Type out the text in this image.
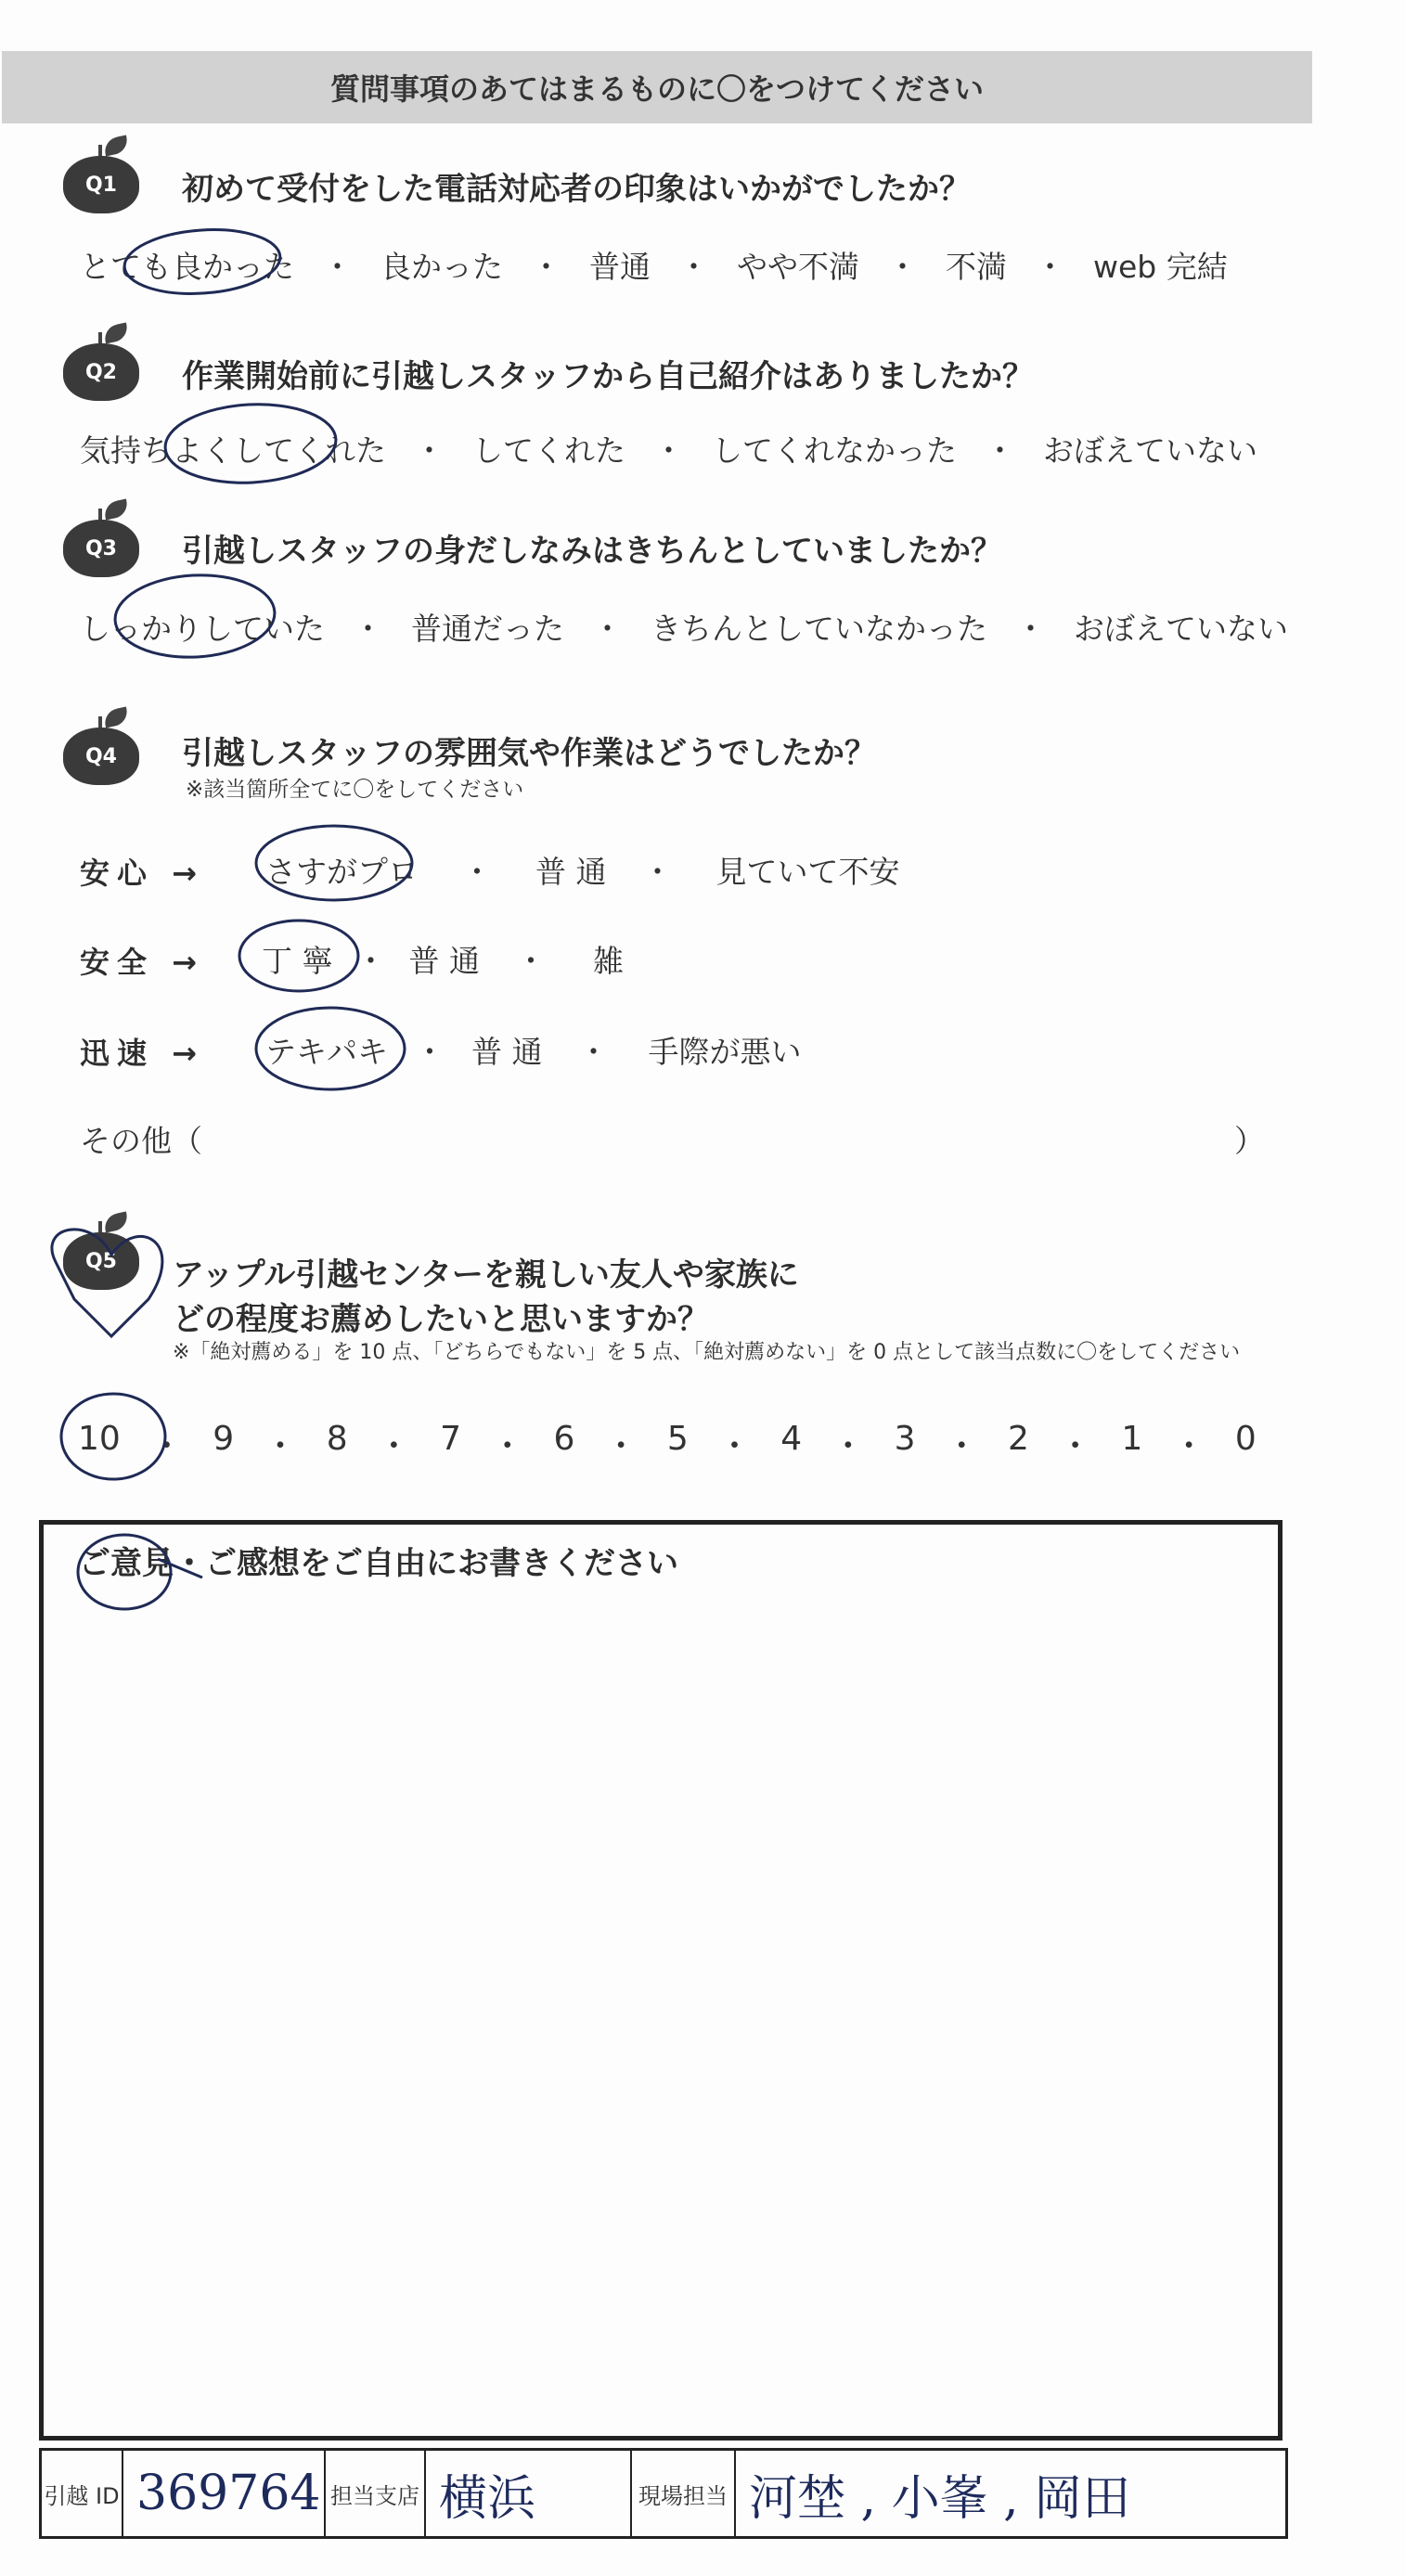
質問事項のあてはまるものに〇をつけてください
Q1	初めて受付をした電話対応者の印象はいかがでしたか？
とても良かった ・ 良かった ・ 普通 ・ やや不満 ・ 不満 ・ web 完結
Q2	作業開始前に引越しスタッフから自己紹介はありましたか？
気持ちよくしてくれた ・ してくれた ・ してくれなかった ・ おぼえていない
Q3	引越しスタッフの身だしなみはきちんとしていましたか？
しっかりしていた ・ 普通だった ・ きちんとしていなかった ・ おぼえていない
Q4	引越しスタッフの雰囲気や作業はどうでしたか？
※該当箇所全てに〇をしてください
安心 → さすがプロ ・ 普 通 ・ 見ていて不安
安全 → 丁 寧 ・ 普 通 ・ 雑
迅速 → テキパキ ・ 普 通 ・ 手際が悪い
その他（	）
Q5	アップル引越センターを親しい友人や家族に
どの程度お薦めしたいと思いますか？
※「絶対薦める」を 10 点、「どちらでもない」を 5 点、「絶対薦めない」を 0 点として該当点数に〇をしてください
10 ・ 9 ・ 8 ・ 7 ・ 6 ・ 5 ・ 4 ・ 3 ・ 2 ・ 1 ・ 0
ご意見・ご感想をご自由にお書きください
引越 ID 369764 担当支店 横浜	現場担当 河埜 , 小峯 , 岡田
